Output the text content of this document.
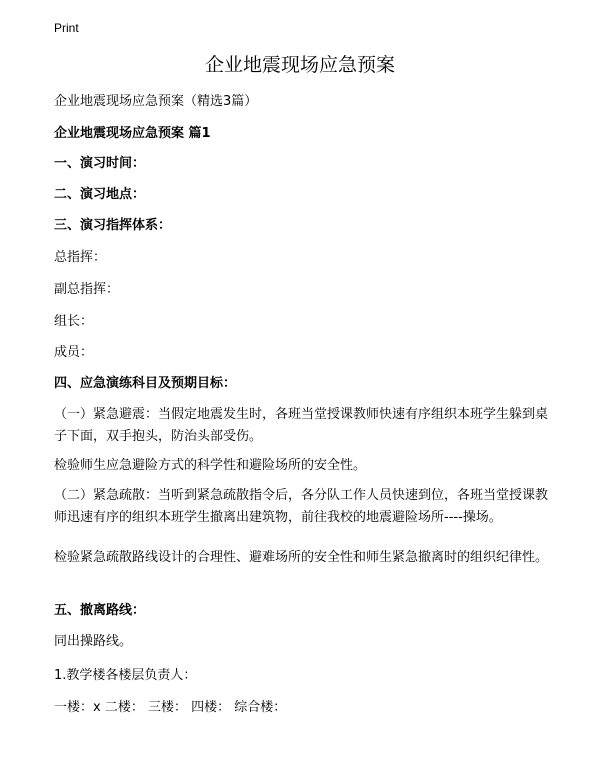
Print
企业地震现场应急预案

企业地震现场应急预案（精选3篇）

企业地震现场应急预案 篇1

一、演习时间：

二、演习地点：

三、演习指挥体系：

总指挥：

副总指挥：

组长：

成员：

四、应急演练科目及预期目标：

（一）紧急避震：当假定地震发生时，各班当堂授课教师快速有序组织本班学生躲到桌子下面，双手抱头，防治头部受伤。

检验师生应急避险方式的科学性和避险场所的安全性。

（二）紧急疏散：当听到紧急疏散指令后，各分队工作人员快速到位，各班当堂授课教师迅速有序的组织本班学生撤离出建筑物，前往我校的地震避险场所----操场。

检验紧急疏散路线设计的合理性、避难场所的安全性和师生紧急撤离时的组织纪律性。

五、撤离路线：

同出操路线。

1.教学楼各楼层负责人：

一楼：x 二楼： 三楼： 四楼： 综合楼：
